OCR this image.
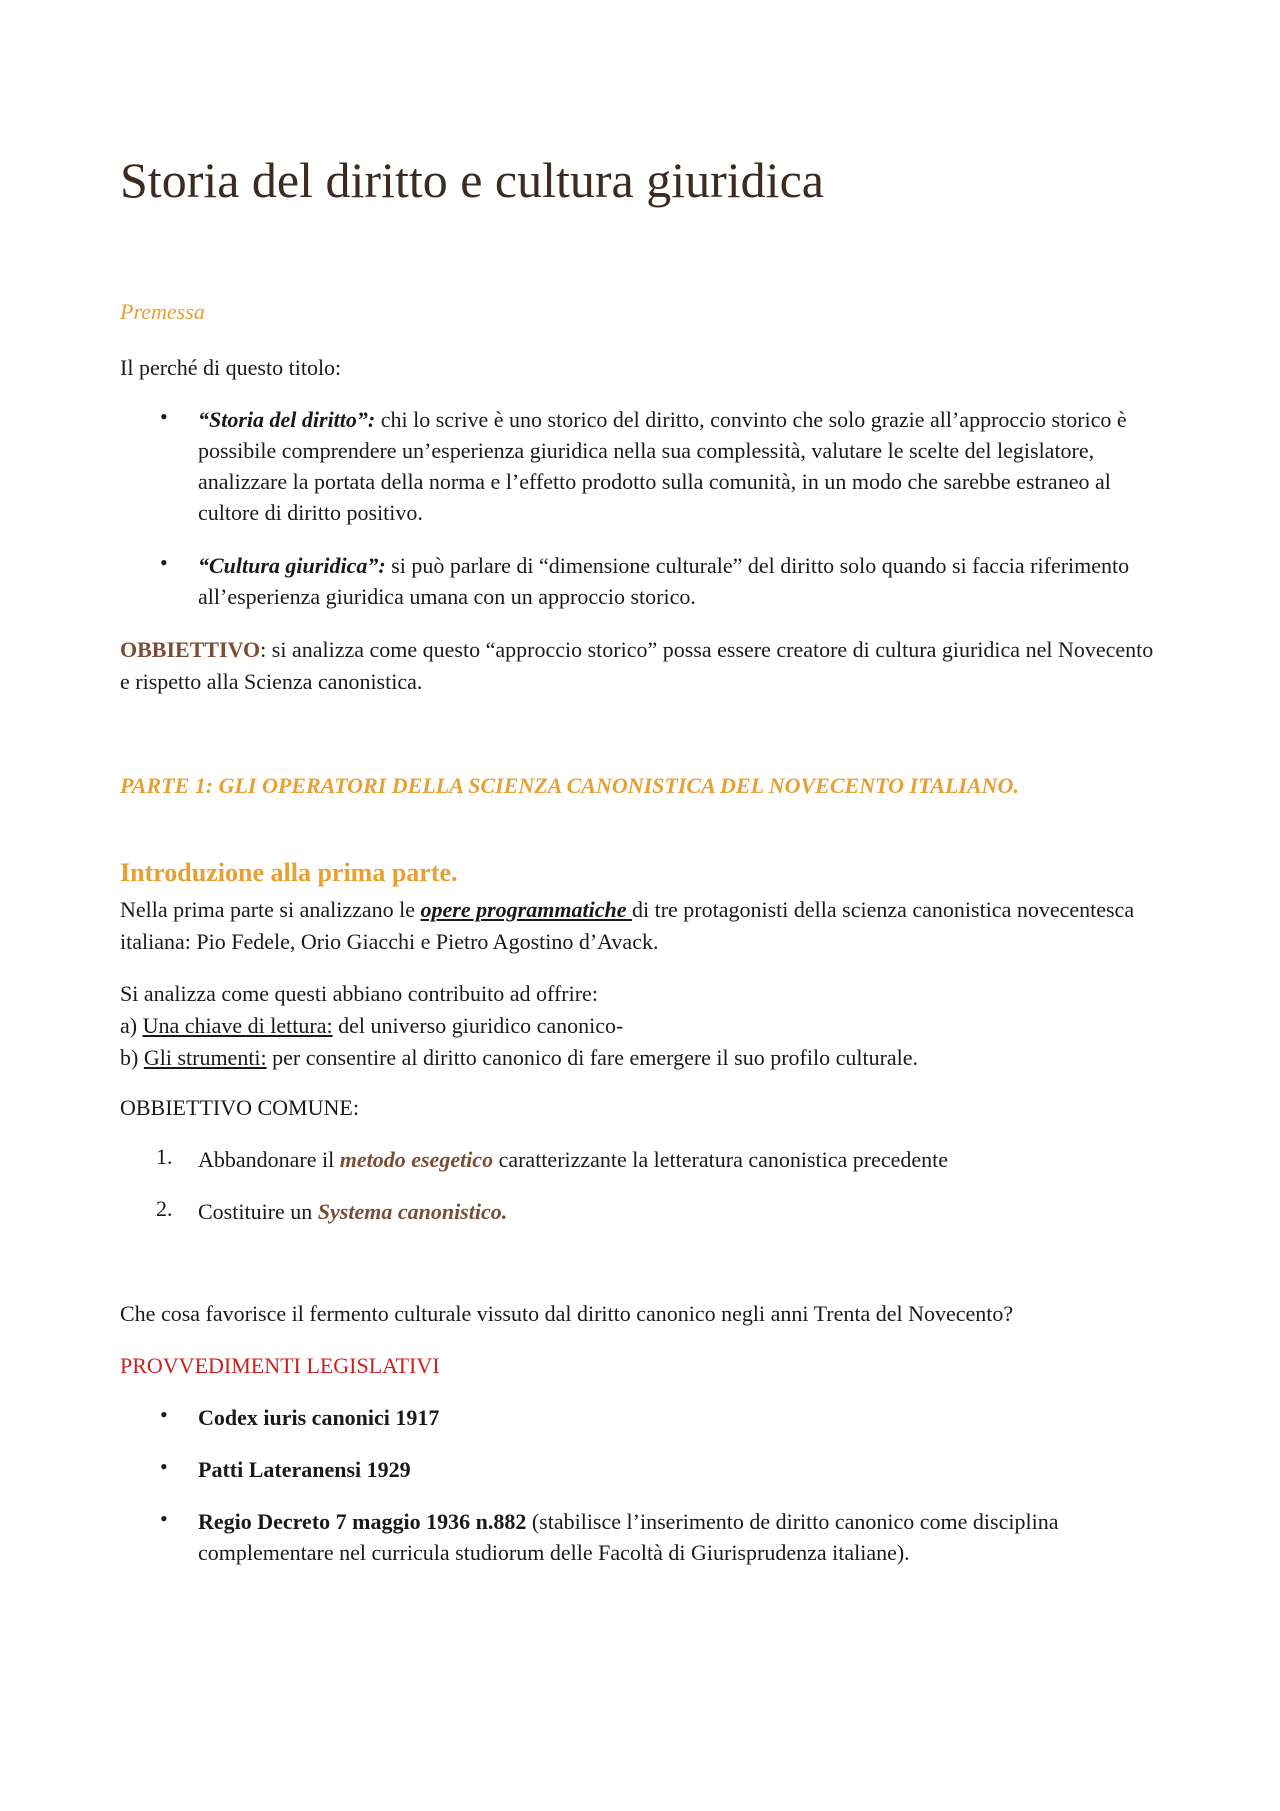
Storia del diritto e cultura giuridica
Premessa
Il perché di questo titolo:
• “Storia del diritto”: chi lo scrive è uno storico del diritto, convinto che solo grazie all’approccio storico è possibile comprendere un’esperienza giuridica nella sua complessità, valutare le scelte del legislatore, analizzare la portata della norma e l’effetto prodotto sulla comunità, in un modo che sarebbe estraneo al cultore di diritto positivo.
• “Cultura giuridica”: si può parlare di “dimensione culturale” del diritto solo quando si faccia riferimento all’esperienza giuridica umana con un approccio storico.
OBBIETTIVO: si analizza come questo “approccio storico” possa essere creatore di cultura giuridica nel Novecento e rispetto alla Scienza canonistica.
PARTE 1: GLI OPERATORI DELLA SCIENZA CANONISTICA DEL NOVECENTO ITALIANO.
Introduzione alla prima parte.
Nella prima parte si analizzano le opere programmatiche di tre protagonisti della scienza canonistica novecentesca italiana: Pio Fedele, Orio Giacchi e Pietro Agostino d’Avack.
Si analizza come questi abbiano contribuito ad offrire:
a) Una chiave di lettura: del universo giuridico canonico-
b) Gli strumenti: per consentire al diritto canonico di fare emergere il suo profilo culturale.
OBBIETTIVO COMUNE:
1. Abbandonare il metodo esegetico caratterizzante la letteratura canonistica precedente
2. Costituire un Systema canonistico.
Che cosa favorisce il fermento culturale vissuto dal diritto canonico negli anni Trenta del Novecento?
PROVVEDIMENTI LEGISLATIVI
• Codex iuris canonici 1917
• Patti Lateranensi 1929
• Regio Decreto 7 maggio 1936 n.882 (stabilisce l’inserimento de diritto canonico come disciplina complementare nel curricula studiorum delle Facoltà di Giurisprudenza italiane).
